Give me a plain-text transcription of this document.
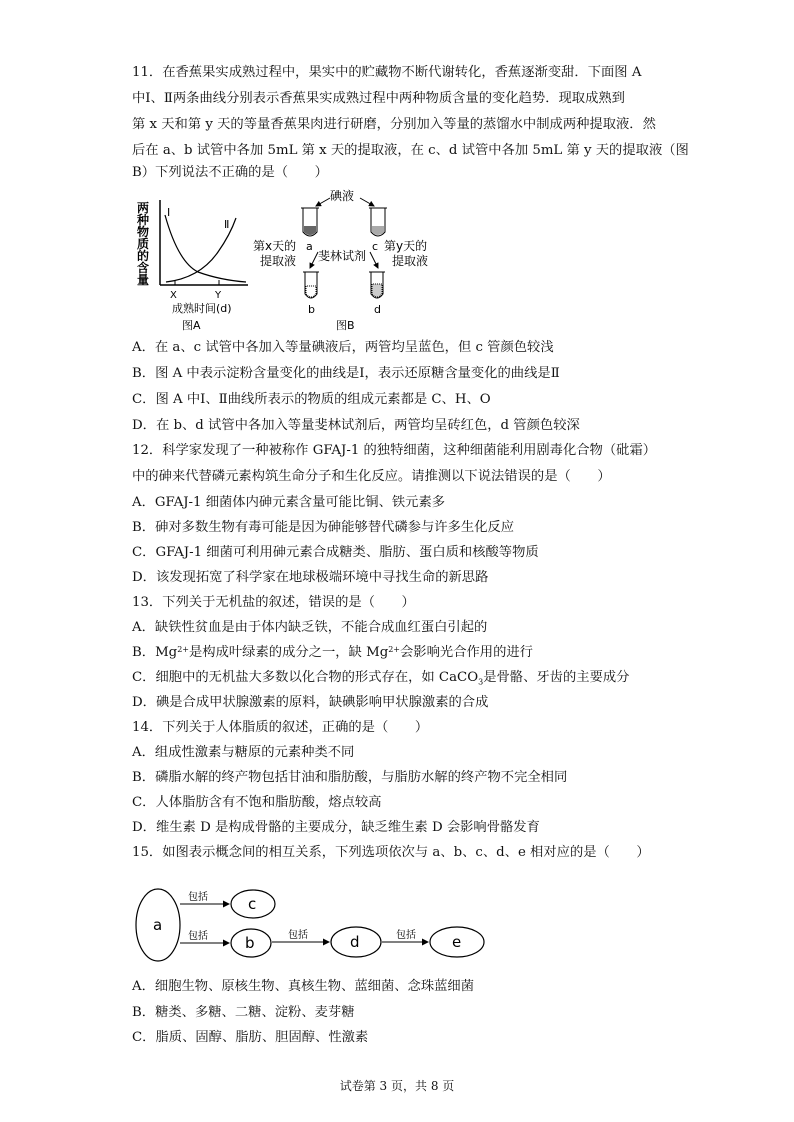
11．在香蕉果实成熟过程中，果实中的贮藏物不断代谢转化，香蕉逐渐变甜．下面图 A
中Ⅰ、Ⅱ两条曲线分别表示香蕉果实成熟过程中两种物质含量的变化趋势．现取成熟到
第 x 天和第 y 天的等量香蕉果肉进行研磨，分别加入等量的蒸馏水中制成两种提取液．然
后在 a、b 试管中各加 5mL 第 x 天的提取液，在 c、d 试管中各加 5mL 第 y 天的提取液（图
B）下列说法不正确的是（　　）
两种物质的含量
Ⅰ
Ⅱ
X	Y
成熟时间(d)
图A
碘液
a	c
第x天的
提取液
第y天的
提取液
斐林试剂
b	d
图B
A．在 a、c 试管中各加入等量碘液后，两管均呈蓝色，但 c 管颜色较浅
B．图 A 中表示淀粉含量变化的曲线是Ⅰ，表示还原糖含量变化的曲线是Ⅱ
C．图 A 中Ⅰ、Ⅱ曲线所表示的物质的组成元素都是 C、H、O
D．在 b、d 试管中各加入等量斐林试剂后，两管均呈砖红色，d 管颜色较深
12．科学家发现了一种被称作 GFAJ-1 的独特细菌，这种细菌能利用剧毒化合物（砒霜）
中的砷来代替磷元素构筑生命分子和生化反应。请推测以下说法错误的是（　　）
A．GFAJ-1 细菌体内砷元素含量可能比铜、铁元素多
B．砷对多数生物有毒可能是因为砷能够替代磷参与许多生化反应
C．GFAJ-1 细菌可利用砷元素合成糖类、脂肪、蛋白质和核酸等物质
D．该发现拓宽了科学家在地球极端环境中寻找生命的新思路
13．下列关于无机盐的叙述，错误的是（　　）
A．缺铁性贫血是由于体内缺乏铁，不能合成血红蛋白引起的
B．$Mg^{2+}$是构成叶绿素的成分之一，缺 $Mg^{2+}$会影响光合作用的进行
C．细胞中的无机盐大多数以化合物的形式存在，如 CaCO$_3$是骨骼、牙齿的主要成分
D．碘是合成甲状腺激素的原料，缺碘影响甲状腺激素的合成
14．下列关于人体脂质的叙述，正确的是（　　）
A．组成性激素与糖原的元素种类不同
B．磷脂水解的终产物包括甘油和脂肪酸，与脂肪水解的终产物不完全相同
C．人体脂肪含有不饱和脂肪酸，熔点较高
D．维生素 D 是构成骨骼的主要成分，缺乏维生素 D 会影响骨骼发育
15．如图表示概念间的相互关系，下列选项依次与 a、b、c、d、e 相对应的是（　　）
a
c
b	d	e
包括
包括	包括	包括
A．细胞生物、原核生物、真核生物、蓝细菌、念珠蓝细菌
B．糖类、多糖、二糖、淀粉、麦芽糖
C．脂质、固醇、脂肪、胆固醇、性激素
试卷第 3 页，共 8 页
